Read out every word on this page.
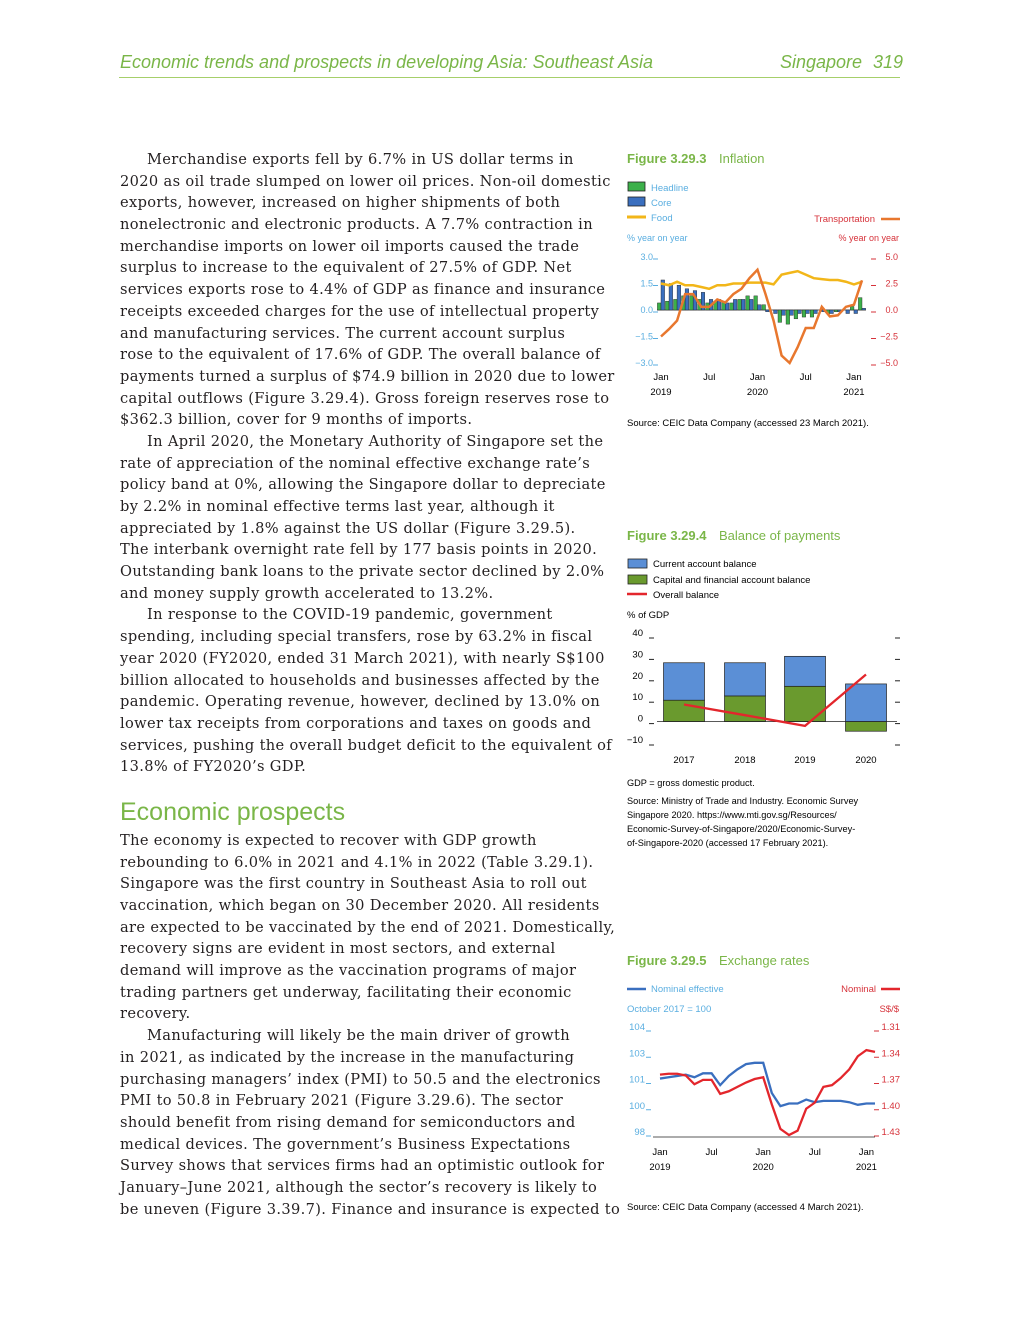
Economic trends and prospects in developing Asia: Southeast Asia	Singapore 319
Merchandise exports fell by 6.7% in US dollar terms in
2020 as oil trade slumped on lower oil prices. Non-oil domestic
exports, however, increased on higher shipments of both
nonelectronic and electronic products. A 7.7% contraction in
merchandise imports on lower oil imports caused the trade
surplus to increase to the equivalent of 27.5% of GDP. Net
services exports rose to 4.4% of GDP as finance and insurance
receipts exceeded charges for the use of intellectual property
and manufacturing services. The current account surplus
rose to the equivalent of 17.6% of GDP. The overall balance of
payments turned a surplus of $74.9 billion in 2020 due to lower
capital outflows (Figure 3.29.4). Gross foreign reserves rose to
$362.3 billion, cover for 9 months of imports.
In April 2020, the Monetary Authority of Singapore set the
rate of appreciation of the nominal effective exchange rate’s
policy band at 0%, allowing the Singapore dollar to depreciate
by 2.2% in nominal effective terms last year, although it
appreciated by 1.8% against the US dollar (Figure 3.29.5).
The interbank overnight rate fell by 177 basis points in 2020.
Outstanding bank loans to the private sector declined by 2.0%
and money supply growth accelerated to 13.2%.
In response to the COVID-19 pandemic, government
spending, including special transfers, rose by 63.2% in fiscal
year 2020 (FY2020, ended 31 March 2021), with nearly S$100
billion allocated to households and businesses affected by the
pandemic. Operating revenue, however, declined by 13.0% on
lower tax receipts from corporations and taxes on goods and
services, pushing the overall budget deficit to the equivalent of
13.8% of FY2020’s GDP.
Economic prospects
The economy is expected to recover with GDP growth
rebounding to 6.0% in 2021 and 4.1% in 2022 (Table 3.29.1).
Singapore was the first country in Southeast Asia to roll out
vaccination, which began on 30 December 2020. All residents
are expected to be vaccinated by the end of 2021. Domestically,
recovery signs are evident in most sectors, and external
demand will improve as the vaccination programs of major
trading partners get underway, facilitating their economic
recovery.
Manufacturing will likely be the main driver of growth
in 2021, as indicated by the increase in the manufacturing
purchasing managers’ index (PMI) to 50.5 and the electronics
PMI to 50.8 in February 2021 (Figure 3.29.6). The sector
should benefit from rising demand for semiconductors and
medical devices. The government’s Business Expectations
Survey shows that services firms had an optimistic outlook for
January–June 2021, although the sector’s recovery is likely to
be uneven (Figure 3.39.7). Finance and insurance is expected to
Figure 3.29.3 Inflation
Headline
Core
Food	Transportation
% year on year	% year on year
3.0
1.5
0.0
−1.5
−3.0
5.0
2.5
0.0
−2.5
−5.0
Jan
2019
Jul	Jan
2020
Jul	Jan
2021
Source: CEIC Data Company (accessed 23 March 2021).
Figure 3.29.4 Balance of payments
Current account balance
Capital and financial account balance
Overall balance
% of GDP
40
30
20
10
0
−10
2017	2018	2019	2020
GDP = gross domestic product.
Source: Ministry of Trade and Industry. Economic Survey
Singapore 2020. https://www.mti.gov.sg/Resources/
Economic-Survey-of-Singapore/2020/Economic-Survey-
of-Singapore-2020 (accessed 17 February 2021).
Figure 3.29.5 Exchange rates
Nominal effective	Nominal
October 2017 = 100	S$/$
104
103
101
100
98
1.31
1.34
1.37
1.40
1.43
Jan
2019
Jul	Jan
2020
Jul	Jan
2021
Source: CEIC Data Company (accessed 4 March 2021).
